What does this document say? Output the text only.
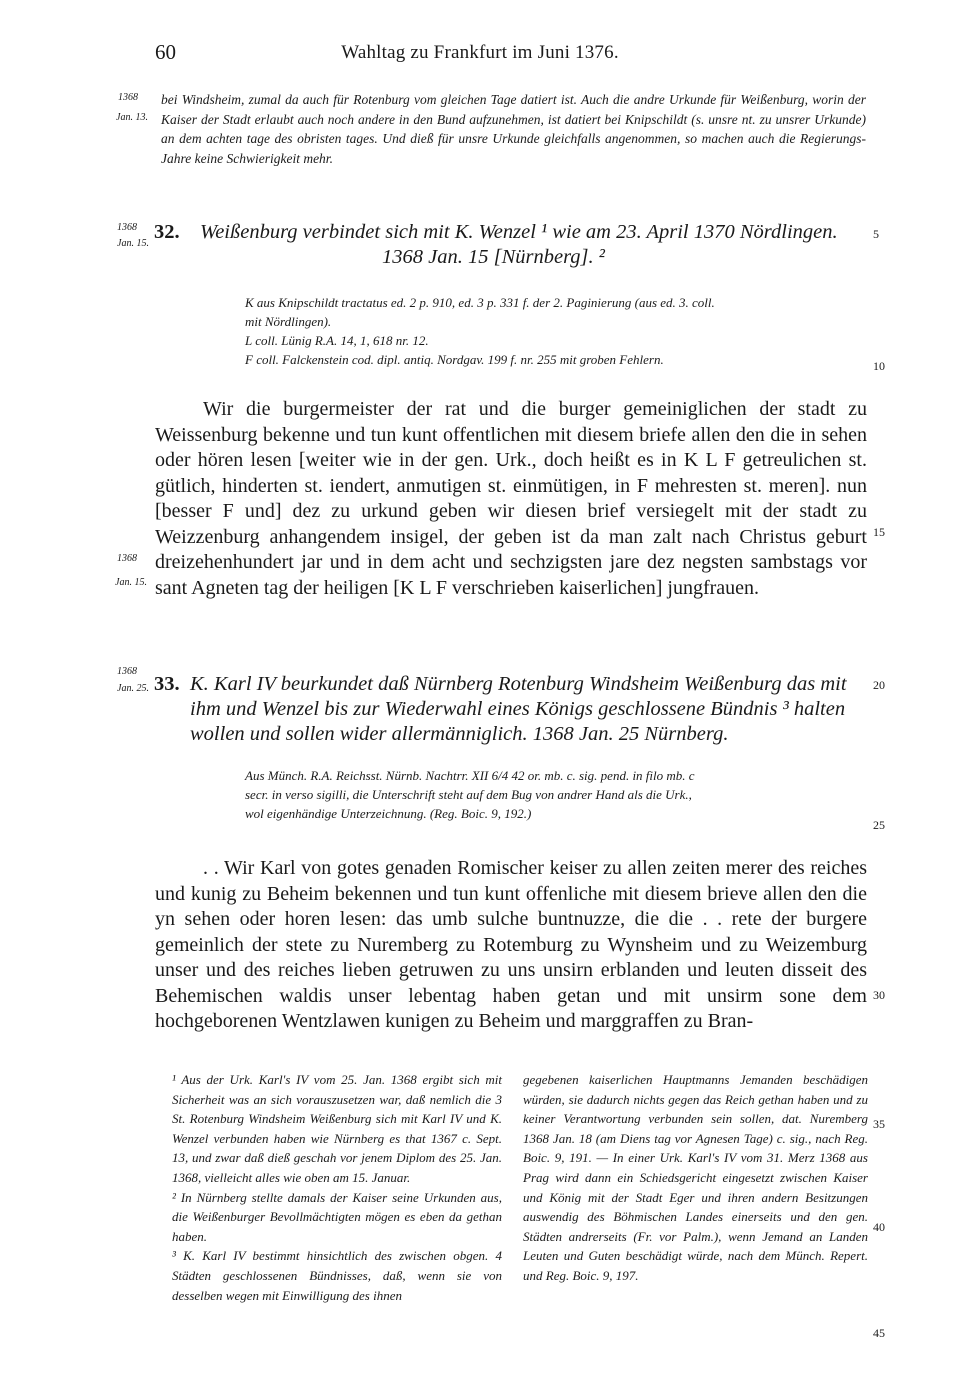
60	Wahltag zu Frankfurt im Juni 1376.
1368
Jan. 13.
bei Windsheim, zumal da auch für Rotenburg vom gleichen Tage datiert ist. Auch die andre Urkunde für Weißenburg, worin der Kaiser der Stadt erlaubt auch noch andere in den Bund aufzunehmen, ist datiert bei Knipschildt (s. unsre nt. zu unsrer Urkunde) an dem achten tage des obristen tages. Und dieß für unsre Urkunde gleichfalls angenommen, so machen auch die Regierungs-Jahre keine Schwierigkeit mehr.
1368
Jan. 15.
32. Weißenburg verbindet sich mit K. Wenzel ¹ wie am 23. April 1370 Nördlingen.
1368 Jan. 15 [Nürnberg]. ²
K aus Knipschildt tractatus ed. 2 p. 910, ed. 3 p. 331 f. der 2. Paginierung (aus ed. 3. coll.
mit Nördlingen).
L coll. Lünig R.A. 14, 1, 618 nr. 12.
F coll. Falckenstein cod. dipl. antiq. Nordgav. 199 f. nr. 255 mit groben Fehlern.
1368
Jan. 15.
Wir die burgermeister der rat und die burger gemeiniglichen der stadt zu Weissenburg bekenne und tun kunt offentlichen mit diesem briefe allen den die in sehen oder hören lesen [weiter wie in der gen. Urk., doch heißt es in K L F getreulichen st. gütlich, hinderten st. iendert, anmutigen st. einmütigen, in F mehresten st. meren]. nun [besser F und] dez zu urkund geben wir diesen brief versiegelt mit der stadt zu Weizzenburg anhangendem insigel, der geben ist da man zalt nach Christus geburt dreizehenhundert jar und in dem acht und sechzigsten jare dez negsten sambstags vor sant Agneten tag der heiligen [K L F verschrieben kaiserlichen] jungfrauen.
1368
Jan. 25. 33. K. Karl IV beurkundet daß Nürnberg Rotenburg Windsheim Weißenburg das mit
ihm und Wenzel bis zur Wiederwahl eines Königs geschlossene Bündnis ³ halten
wollen und sollen wider allermänniglich. 1368 Jan. 25 Nürnberg.
Aus Münch. R.A. Reichsst. Nürnb. Nachtrr. XII 6/4 42 or. mb. c. sig. pend. in filo mb. c
secr. in verso sigilli, die Unterschrift steht auf dem Bug von andrer Hand als die Urk.,
wol eigenhändige Unterzeichnung. (Reg. Boic. 9, 192.)
. . Wir Karl von gotes genaden Romischer keiser zu allen zeiten merer des reiches und kunig zu Beheim bekennen und tun kunt offenliche mit diesem brieve allen den die yn sehen oder horen lesen: das umb sulche buntnuzze, die die . . rete der burgere gemeinlich der stete zu Nuremberg zu Rotemburg zu Wynsheim und zu Weizemburg unser und des reiches lieben getruwen zu uns unsirn erblanden und leuten disseit des Behemischen waldis unser lebentag haben getan und mit unsirm sone dem hochgeborenen Wentzlawen kunigen zu Beheim und marggraffen zu Bran-
¹ Aus der Urk. Karl's IV vom 25. Jan. 1368 ergibt sich mit Sicherheit was an sich vorauszusetzen war, daß nemlich die 3 St. Rotenburg Windsheim Weißenburg sich mit Karl IV und K. Wenzel verbunden haben wie Nürnberg es that 1367 c. Sept. 13, und zwar daß dieß geschah vor jenem Diplom des 25. Jan. 1368, vielleicht alles wie oben am 15. Januar.
² In Nürnberg stellte damals der Kaiser seine Urkunden aus, die Weißenburger Bevollmächtigten mögen es eben da gethan haben.
³ K. Karl IV bestimmt hinsichtlich des zwischen obgen. 4 Städten geschlossenen Bündnisses, daß, wenn sie von desselben wegen mit Einwilligung des ihnen
gegebenen kaiserlichen Hauptmanns Jemanden beschädigen würden, sie dadurch nichts gegen das Reich gethan haben und zu keiner Verantwortung verbunden sein sollen, dat. Nuremberg 1368 Jan. 18 (am Diens tag vor Agnesen Tage) c. sig., nach Reg. Boic. 9, 191. — In einer Urk. Karl's IV vom 31. Merz 1368 aus Prag wird dann ein Schiedsgericht eingesetzt zwischen Kaiser und König mit der Stadt Eger und ihren andern Besitzungen auswendig des Böhmischen Landes einerseits und den gen. Städten andrerseits (Fr. vor Palm.), wenn Jemand an Landen Leuten und Guten beschädigt würde, nach dem Münch. Repert. und Reg. Boic. 9, 197.
5
10
15
20
25
30
35
40
45
